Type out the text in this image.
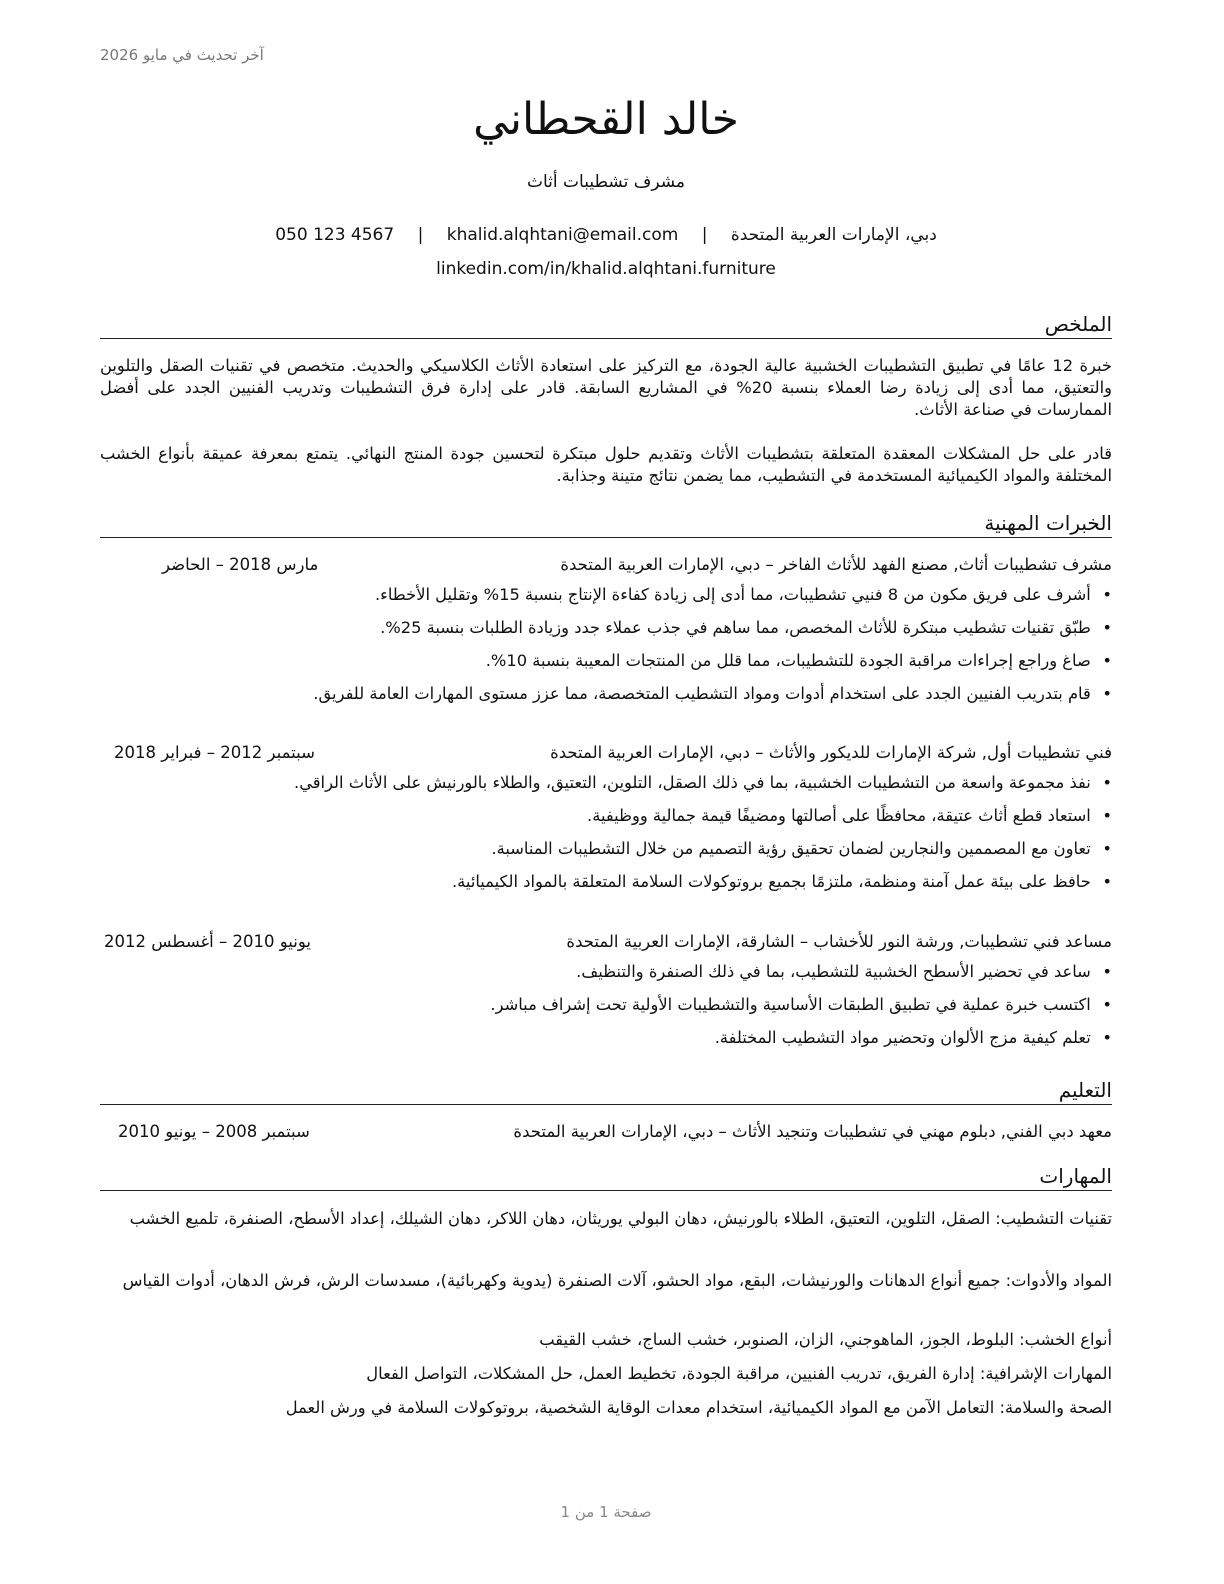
آخر تحديث في مايو 2026
خالد القحطاني
مشرف تشطيبات أثاث
دبي، الإمارات العربية المتحدة | khalid.alqhtani@email.com | 050 123 4567
linkedin.com/in/khalid.alqhtani.furniture
الملخص
خبرة 12 عامًا في تطبيق التشطيبات الخشبية عالية الجودة، مع التركيز على استعادة الأثاث الكلاسيكي والحديث. متخصص في تقنيات الصقل والتلوين والتعتيق، مما أدى إلى زيادة رضا العملاء بنسبة 20% في المشاريع السابقة. قادر على إدارة فرق التشطيبات وتدريب الفنيين الجدد على أفضل الممارسات في صناعة الأثاث.
قادر على حل المشكلات المعقدة المتعلقة بتشطيبات الأثاث وتقديم حلول مبتكرة لتحسين جودة المنتج النهائي. يتمتع بمعرفة عميقة بأنواع الخشب المختلفة والمواد الكيميائية المستخدمة في التشطيب، مما يضمن نتائج متينة وجذابة.
الخبرات المهنية
مشرف تشطيبات أثاث, مصنع الفهد للأثاث الفاخر – دبي، الإمارات العربية المتحدة
مارس 2018 – الحاضر
• أشرف على فريق مكون من 8 فنيي تشطيبات، مما أدى إلى زيادة كفاءة الإنتاج بنسبة 15% وتقليل الأخطاء.
• طبّق تقنيات تشطيب مبتكرة للأثاث المخصص، مما ساهم في جذب عملاء جدد وزيادة الطلبات بنسبة 25%.
• صاغ وراجع إجراءات مراقبة الجودة للتشطيبات، مما قلل من المنتجات المعيبة بنسبة 10%.
• قام بتدريب الفنيين الجدد على استخدام أدوات ومواد التشطيب المتخصصة، مما عزز مستوى المهارات العامة للفريق.
فني تشطيبات أول, شركة الإمارات للديكور والأثاث – دبي، الإمارات العربية المتحدة
سبتمبر 2012 – فبراير 2018
• نفذ مجموعة واسعة من التشطيبات الخشبية، بما في ذلك الصقل، التلوين، التعتيق، والطلاء بالورنيش على الأثاث الراقي.
• استعاد قطع أثاث عتيقة، محافظًا على أصالتها ومضيفًا قيمة جمالية ووظيفية.
• تعاون مع المصممين والنجارين لضمان تحقيق رؤية التصميم من خلال التشطيبات المناسبة.
• حافظ على بيئة عمل آمنة ومنظمة، ملتزمًا بجميع بروتوكولات السلامة المتعلقة بالمواد الكيميائية.
مساعد فني تشطيبات, ورشة النور للأخشاب – الشارقة، الإمارات العربية المتحدة
يونيو 2010 – أغسطس 2012
• ساعد في تحضير الأسطح الخشبية للتشطيب، بما في ذلك الصنفرة والتنظيف.
• اكتسب خبرة عملية في تطبيق الطبقات الأساسية والتشطيبات الأولية تحت إشراف مباشر.
• تعلم كيفية مزج الألوان وتحضير مواد التشطيب المختلفة.
التعليم
معهد دبي الفني, دبلوم مهني في تشطيبات وتنجيد الأثاث – دبي، الإمارات العربية المتحدة
سبتمبر 2008 – يونيو 2010
المهارات
تقنيات التشطيب: الصقل، التلوين، التعتيق، الطلاء بالورنيش، دهان البولي يوريثان، دهان اللاكر، دهان الشيلك، إعداد الأسطح، الصنفرة، تلميع الخشب
المواد والأدوات: جميع أنواع الدهانات والورنيشات، البقع، مواد الحشو، آلات الصنفرة (يدوية وكهربائية)، مسدسات الرش، فرش الدهان، أدوات القياس
أنواع الخشب: البلوط، الجوز، الماهوجني، الزان، الصنوبر، خشب الساج، خشب القيقب
المهارات الإشرافية: إدارة الفريق، تدريب الفنيين، مراقبة الجودة، تخطيط العمل، حل المشكلات، التواصل الفعال
الصحة والسلامة: التعامل الآمن مع المواد الكيميائية، استخدام معدات الوقاية الشخصية، بروتوكولات السلامة في ورش العمل
صفحة 1 من 1
